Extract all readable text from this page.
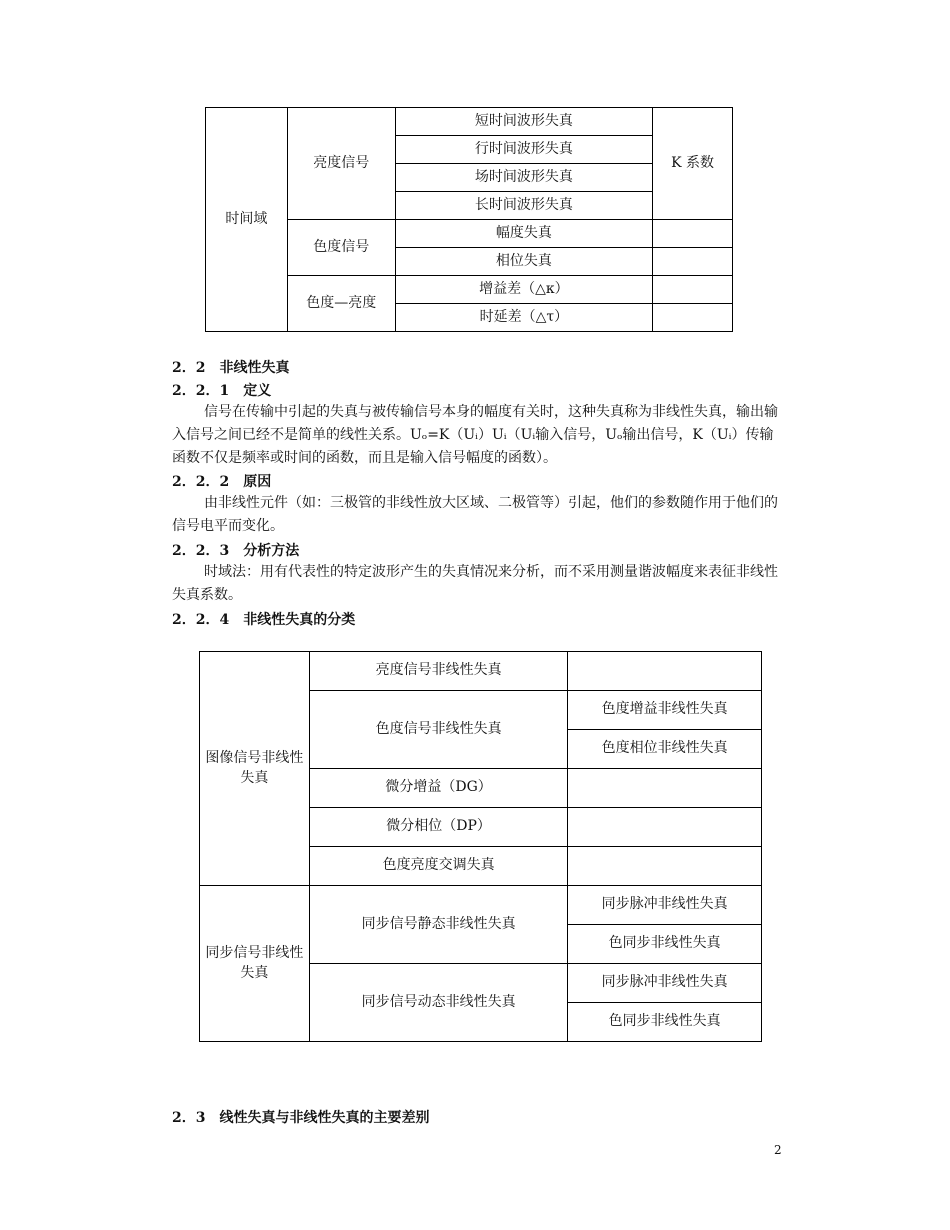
时间域	亮度信号	短时间波形失真	K 系数
		行时间波形失真	
		场时间波形失真	
		长时间波形失真	
	色度信号	幅度失真	
		相位失真	
	色度—亮度	增益差（△κ）	
		时延差（△τ）	
2．2　非线性失真
2．2．1　定义
信号在传输中引起的失真与被传输信号本身的幅度有关时，这种失真称为非线性失真，输出输入信号之间已经不是简单的线性关系。Uₒ=K（Uᵢ）Uᵢ（Uᵢ输入信号，Uₒ输出信号，K（Uᵢ）传输函数不仅是频率或时间的函数，而且是输入信号幅度的函数）。
2．2．2　原因
由非线性元件（如：三极管的非线性放大区域、二极管等）引起，他们的参数随作用于他们的信号电平而变化。
2．2．3　分析方法
时域法：用有代表性的特定波形产生的失真情况来分析，而不采用测量谐波幅度来表征非线性失真系数。
2．2．4　非线性失真的分类
图像信号非线性失真	亮度信号非线性失真	
	色度信号非线性失真	色度增益非线性失真
		色度相位非线性失真
	微分增益（DG）	
	微分相位（DP）	
	色度亮度交调失真	
同步信号非线性失真	同步信号静态非线性失真	同步脉冲非线性失真
		色同步非线性失真
	同步信号动态非线性失真	同步脉冲非线性失真
		色同步非线性失真
2．3　线性失真与非线性失真的主要差别
2
